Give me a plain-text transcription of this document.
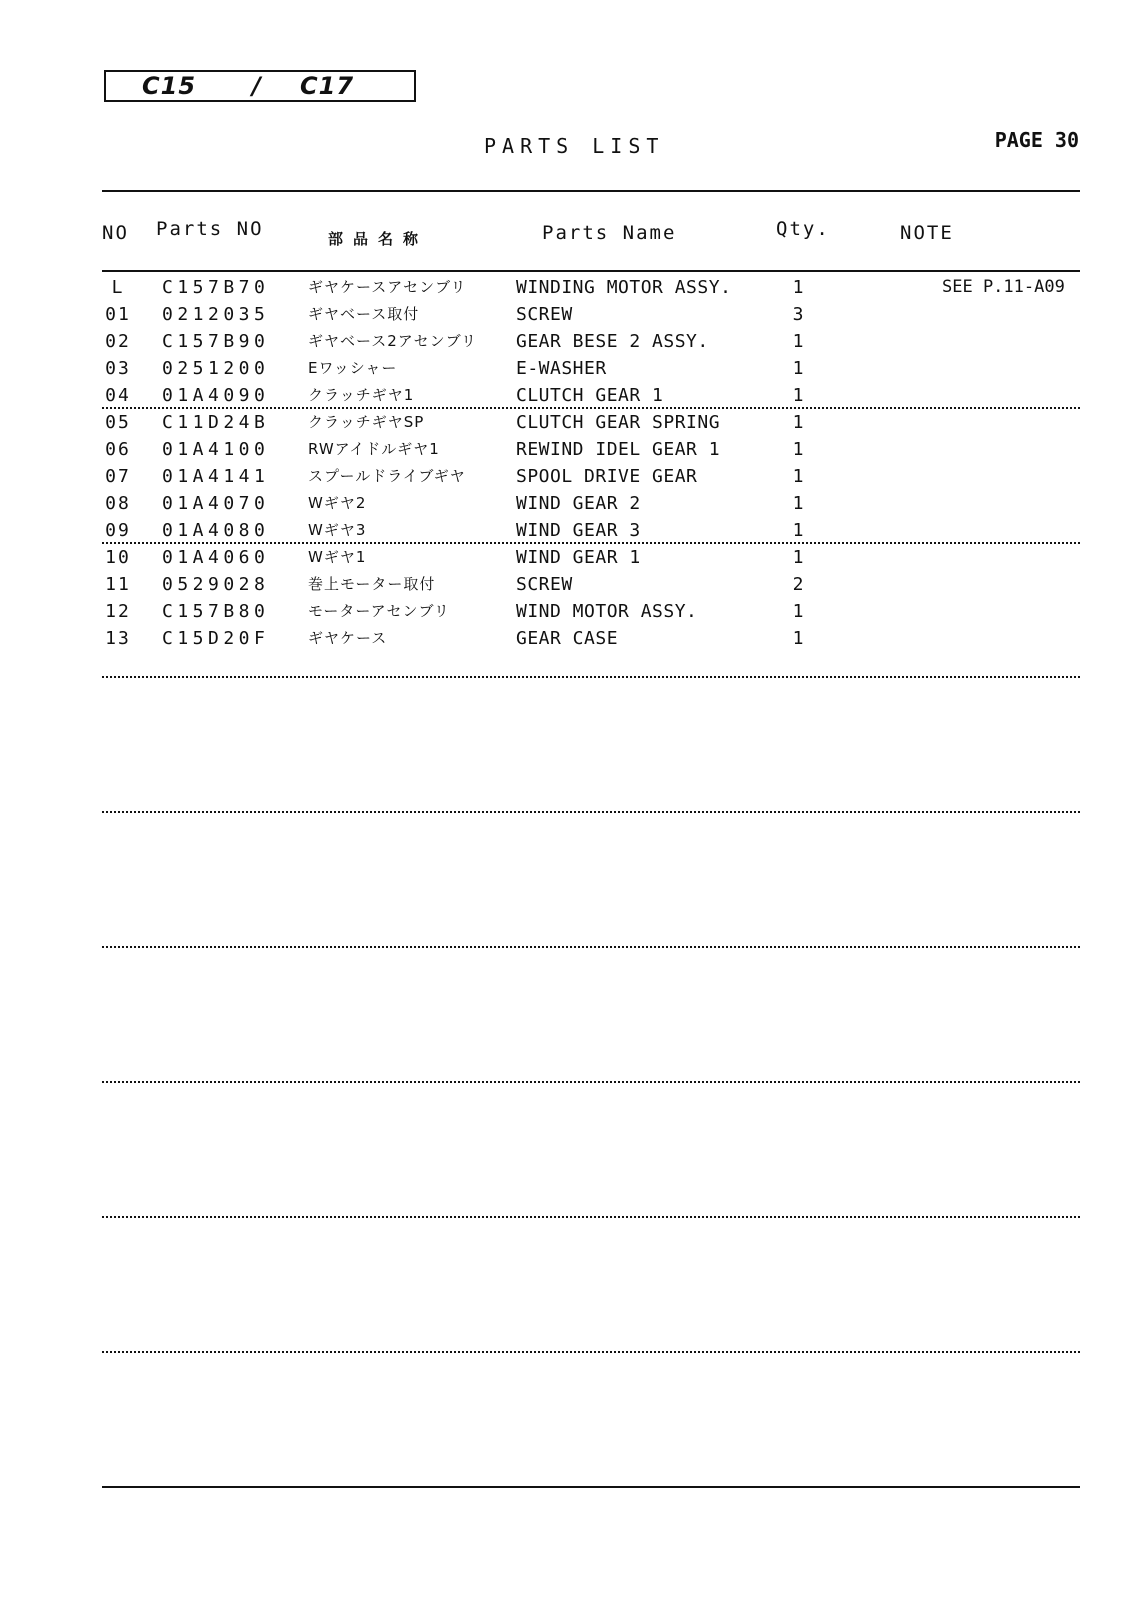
C15 / C17
PARTS LIST	PAGE 30
NO Parts NO	部品名称	Parts Name	Qty.	NOTE
L	C157B70	ギヤケースアセンブリ	WINDING MOTOR ASSY.	1	SEE P.11-A09
01 0212035	ギヤベース取付	SCREW	3
02 C157B90	ギヤベース2アセンブリ GEAR BESE 2 ASSY.	1
03 0251200	Eワッシャー	E-WASHER	1
04 01A4090	クラッチギヤ1	CLUTCH GEAR 1	1
05 C11D24B	クラッチギヤSP	CLUTCH GEAR SPRING	1
06 01A4100	RWアイドルギヤ1	REWIND IDEL GEAR 1	1
07 01A4141	スプールドライブギヤ	SPOOL DRIVE GEAR	1
08 01A4070	Wギヤ2	WIND GEAR 2	1
09 01A4080	Wギヤ3	WIND GEAR 3	1
10 01A4060	Wギヤ1	WIND GEAR 1	1
11 0529028	巻上モーター取付	SCREW	2
12 C157B80	モーターアセンブリ	WIND MOTOR ASSY.	1
13 C15D20F	ギヤケース	GEAR CASE	1
